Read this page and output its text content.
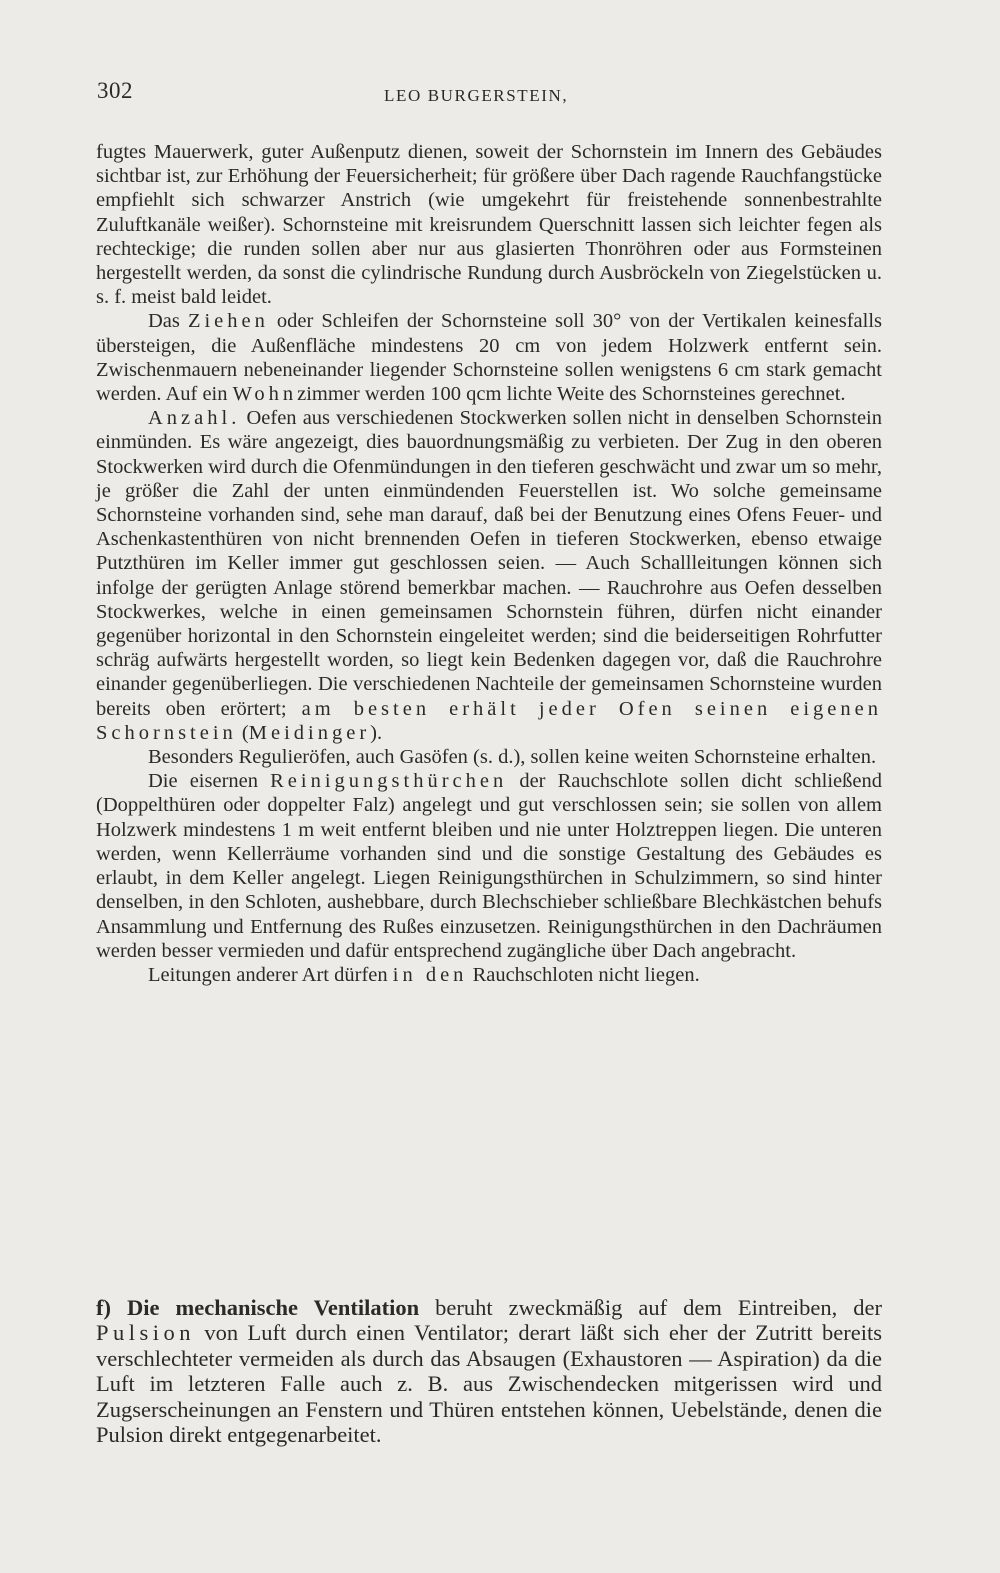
302	LEO BURGERSTEIN,

fugtes Mauerwerk, guter Außenputz dienen, soweit der Schornstein im Innern des Gebäudes sichtbar ist, zur Erhöhung der Feuersicherheit; für größere über Dach ragende Rauchfangstücke empfiehlt sich schwarzer Anstrich (wie umgekehrt für freistehende sonnenbestrahlte Zuluftkanäle weißer). Schornsteine mit kreisrundem Querschnitt lassen sich leichter fegen als rechteckige; die runden sollen aber nur aus glasierten Thonröhren oder aus Formsteinen hergestellt werden, da sonst die cylindrische Rundung durch Ausbröckeln von Ziegelstücken u. s. f. meist bald leidet.

Das Ziehen oder Schleifen der Schornsteine soll 30° von der Vertikalen keinesfalls übersteigen, die Außenfläche mindestens 20 cm von jedem Holzwerk entfernt sein. Zwischenmauern nebeneinander liegender Schornsteine sollen wenigstens 6 cm stark gemacht werden. Auf ein Wohnzimmer werden 100 qcm lichte Weite des Schornsteines gerechnet.

Anzahl. Oefen aus verschiedenen Stockwerken sollen nicht in denselben Schornstein einmünden. Es wäre angezeigt, dies bauordnungsmäßig zu verbieten. Der Zug in den oberen Stockwerken wird durch die Ofenmündungen in den tieferen geschwächt und zwar um so mehr, je größer die Zahl der unten einmündenden Feuerstellen ist. Wo solche gemeinsame Schornsteine vorhanden sind, sehe man darauf, daß bei der Benutzung eines Ofens Feuer- und Aschenkastenthüren von nicht brennenden Oefen in tieferen Stockwerken, ebenso etwaige Putzthüren im Keller immer gut geschlossen seien. — Auch Schallleitungen können sich infolge der gerügten Anlage störend bemerkbar machen. — Rauchrohre aus Oefen desselben Stockwerkes, welche in einen gemeinsamen Schornstein führen, dürfen nicht einander gegenüber horizontal in den Schornstein eingeleitet werden; sind die beiderseitigen Rohrfutter schräg aufwärts hergestellt worden, so liegt kein Bedenken dagegen vor, daß die Rauchrohre einander gegenüberliegen. Die verschiedenen Nachteile der gemeinsamen Schornsteine wurden bereits oben erörtert; am besten erhält jeder Ofen seinen eigenen Schornstein (Meidinger).

Besonders Regulieröfen, auch Gasöfen (s. d.), sollen keine weiten Schornsteine erhalten.

Die eisernen Reinigungsthürchen der Rauchschlote sollen dicht schließend (Doppelthüren oder doppelter Falz) angelegt und gut verschlossen sein; sie sollen von allem Holzwerk mindestens 1 m weit entfernt bleiben und nie unter Holztreppen liegen. Die unteren werden, wenn Kellerräume vorhanden sind und die sonstige Gestaltung des Gebäudes es erlaubt, in dem Keller angelegt. Liegen Reinigungsthürchen in Schulzimmern, so sind hinter denselben, in den Schloten, aushebbare, durch Blechschieber schließbare Blechkästchen behufs Ansammlung und Entfernung des Rußes einzusetzen. Reinigungsthürchen in den Dachräumen werden besser vermieden und dafür entsprechend zugängliche über Dach angebracht.

Leitungen anderer Art dürfen in den Rauchschloten nicht liegen.

f) Die mechanische Ventilation beruht zweckmäßig auf dem Eintreiben, der Pulsion von Luft durch einen Ventilator; derart läßt sich eher der Zutritt bereits verschlechteter vermeiden als durch das Absaugen (Exhaustoren — Aspiration) da die Luft im letzteren Falle auch z. B. aus Zwischendecken mitgerissen wird und Zugserscheinungen an Fenstern und Thüren entstehen können, Uebelstände, denen die Pulsion direkt entgegenarbeitet.
